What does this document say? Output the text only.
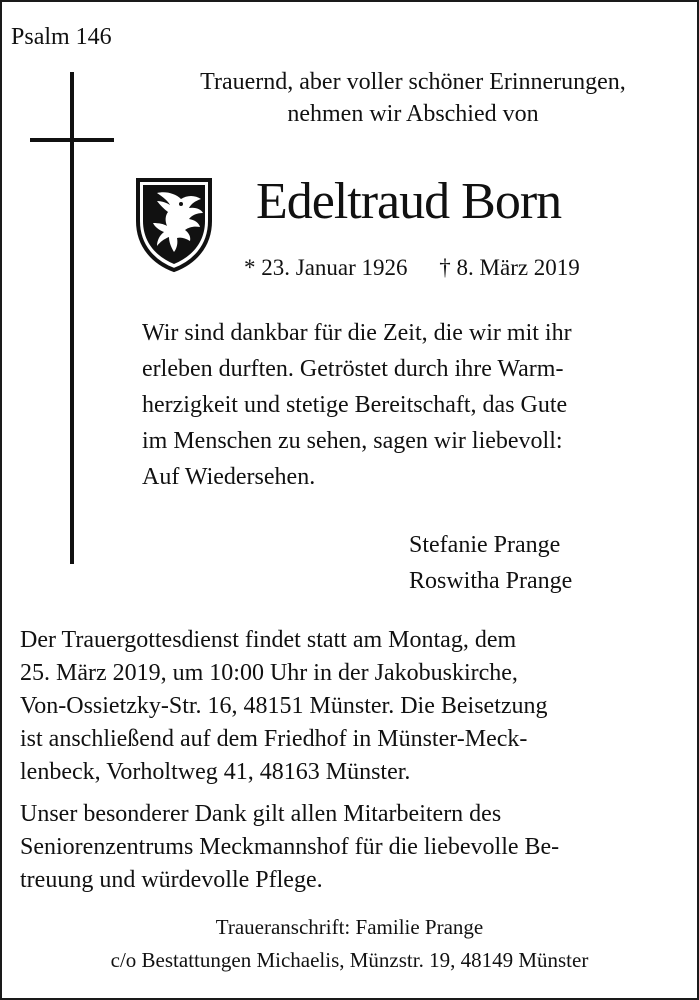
Psalm 146
Trauernd, aber voller schöner Erinnerungen,
nehmen wir Abschied von
Edeltraud Born
* 23. Januar 1926 † 8. März 2019
Wir sind dankbar für die Zeit, die wir mit ihr
erleben durften. Getröstet durch ihre Warm-
herzigkeit und stetige Bereitschaft, das Gute
im Menschen zu sehen, sagen wir liebevoll:
Auf Wiedersehen.
Stefanie Prange
Roswitha Prange
Der Trauergottesdienst findet statt am Montag, dem
25. März 2019, um 10:00 Uhr in der Jakobuskirche,
Von-Ossietzky-Str. 16, 48151 Münster. Die Beisetzung
ist anschließend auf dem Friedhof in Münster-Meck-
lenbeck, Vorholtweg 41, 48163 Münster.
Unser besonderer Dank gilt allen Mitarbeitern des
Seniorenzentrums Meckmannshof für die liebevolle Be-
treuung und würdevolle Pflege.
Traueranschrift: Familie Prange
c/o Bestattungen Michaelis, Münzstr. 19, 48149 Münster
